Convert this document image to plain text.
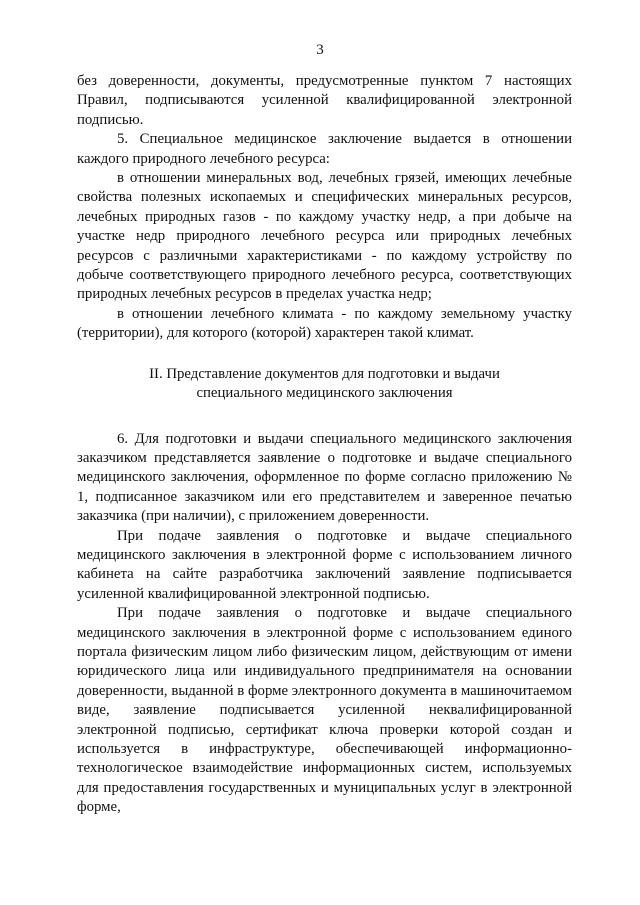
3

без доверенности, документы, предусмотренные пунктом 7 настоящих Правил, подписываются усиленной квалифицированной электронной подписью.

5. Специальное медицинское заключение выдается в отношении каждого природного лечебного ресурса:

в отношении минеральных вод, лечебных грязей, имеющих лечебные свойства полезных ископаемых и специфических минеральных ресурсов, лечебных природных газов - по каждому участку недр, а при добыче на участке недр природного лечебного ресурса или природных лечебных ресурсов с различными характеристиками - по каждому устройству по добыче соответствующего природного лечебного ресурса, соответствующих природных лечебных ресурсов в пределах участка недр;

в отношении лечебного климата - по каждому земельному участку (территории), для которого (которой) характерен такой климат.

II. Представление документов для подготовки и выдачи
специального медицинского заключения

6. Для подготовки и выдачи специального медицинского заключения заказчиком представляется заявление о подготовке и выдаче специального медицинского заключения, оформленное по форме согласно приложению № 1, подписанное заказчиком или его представителем и заверенное печатью заказчика (при наличии), с приложением доверенности.

При подаче заявления о подготовке и выдаче специального медицинского заключения в электронной форме с использованием личного кабинета на сайте разработчика заключений заявление подписывается усиленной квалифицированной электронной подписью.

При подаче заявления о подготовке и выдаче специального медицинского заключения в электронной форме с использованием единого портала физическим лицом либо физическим лицом, действующим от имени юридического лица или индивидуального предпринимателя на основании доверенности, выданной в форме электронного документа в машиночитаемом виде, заявление подписывается усиленной неквалифицированной электронной подписью, сертификат ключа проверки которой создан и используется в инфраструктуре, обеспечивающей информационно-технологическое взаимодействие информационных систем, используемых для предоставления государственных и муниципальных услуг в электронной форме,
